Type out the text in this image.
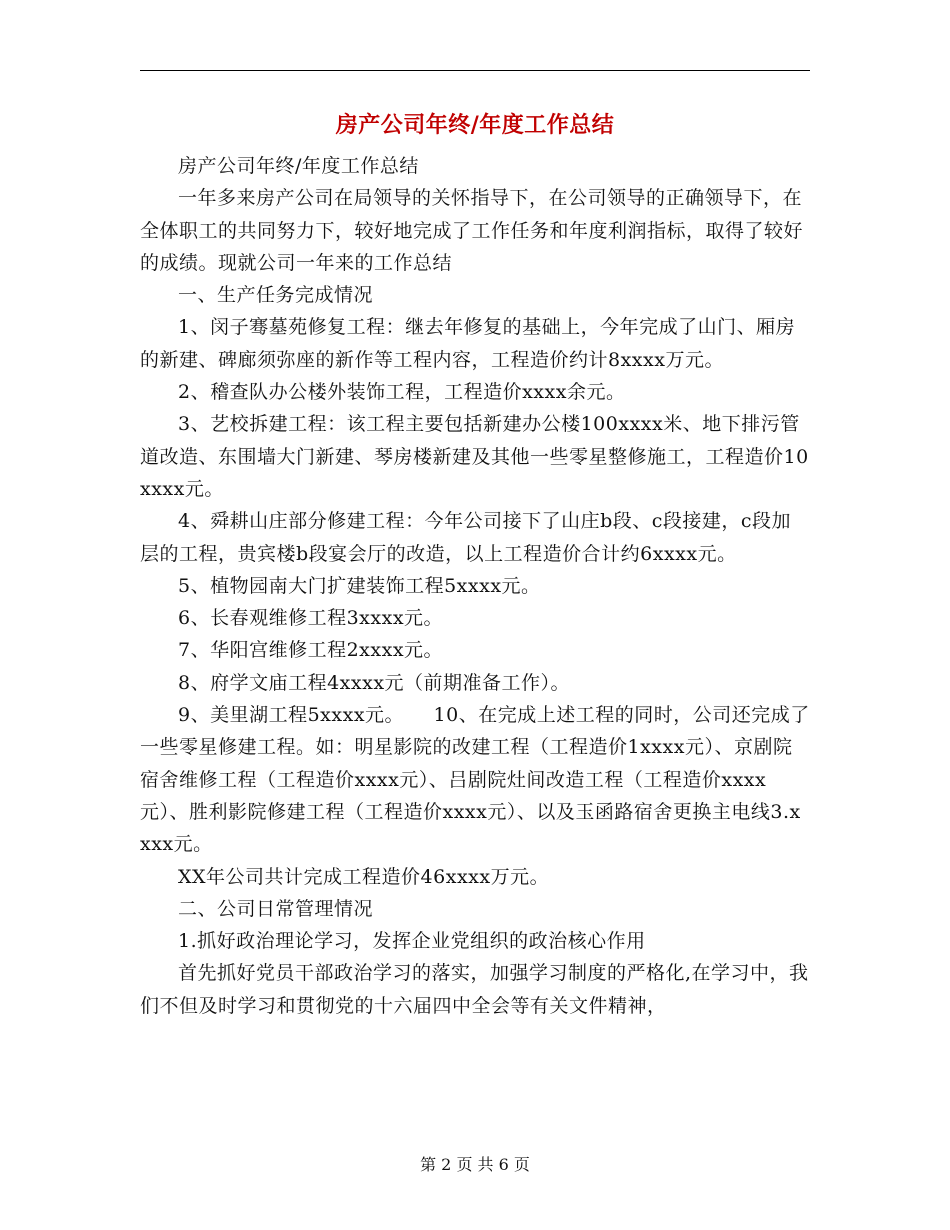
房产公司年终/年度工作总结

房产公司年终/年度工作总结

一年多来房产公司在局领导的关怀指导下，在公司领导的正确领导下，在全体职工的共同努力下，较好地完成了工作任务和年度利润指标，取得了较好的成绩。现就公司一年来的工作总结

一、生产任务完成情况

1、闵子骞墓苑修复工程：继去年修复的基础上，今年完成了山门、厢房的新建、碑廊须弥座的新作等工程内容，工程造价约计8xxxx万元。

2、稽查队办公楼外装饰工程，工程造价xxxx余元。

3、艺校拆建工程：该工程主要包括新建办公楼100xxxx米、地下排污管道改造、东围墙大门新建、琴房楼新建及其他一些零星整修施工，工程造价10xxxx元。

4、舜耕山庄部分修建工程：今年公司接下了山庄b段、c段接建，c段加层的工程，贵宾楼b段宴会厅的改造，以上工程造价合计约6xxxx元。

5、植物园南大门扩建装饰工程5xxxx元。

6、长春观维修工程3xxxx元。

7、华阳宫维修工程2xxxx元。

8、府学文庙工程4xxxx元（前期准备工作）。

9、美里湖工程5xxxx元。　　10、在完成上述工程的同时，公司还完成了一些零星修建工程。如：明星影院的改建工程（工程造价1xxxx元）、京剧院宿舍维修工程（工程造价xxxx元）、吕剧院灶间改造工程（工程造价xxxx元）、胜利影院修建工程（工程造价xxxx元）、以及玉函路宿舍更换主电线3.xxxx元。

XX年公司共计完成工程造价46xxxx万元。

二、公司日常管理情况

1.抓好政治理论学习，发挥企业党组织的政治核心作用

首先抓好党员干部政治学习的落实，加强学习制度的严格化,在学习中，我们不但及时学习和贯彻党的十六届四中全会等有关文件精神，

第 2 页 共 6 页
